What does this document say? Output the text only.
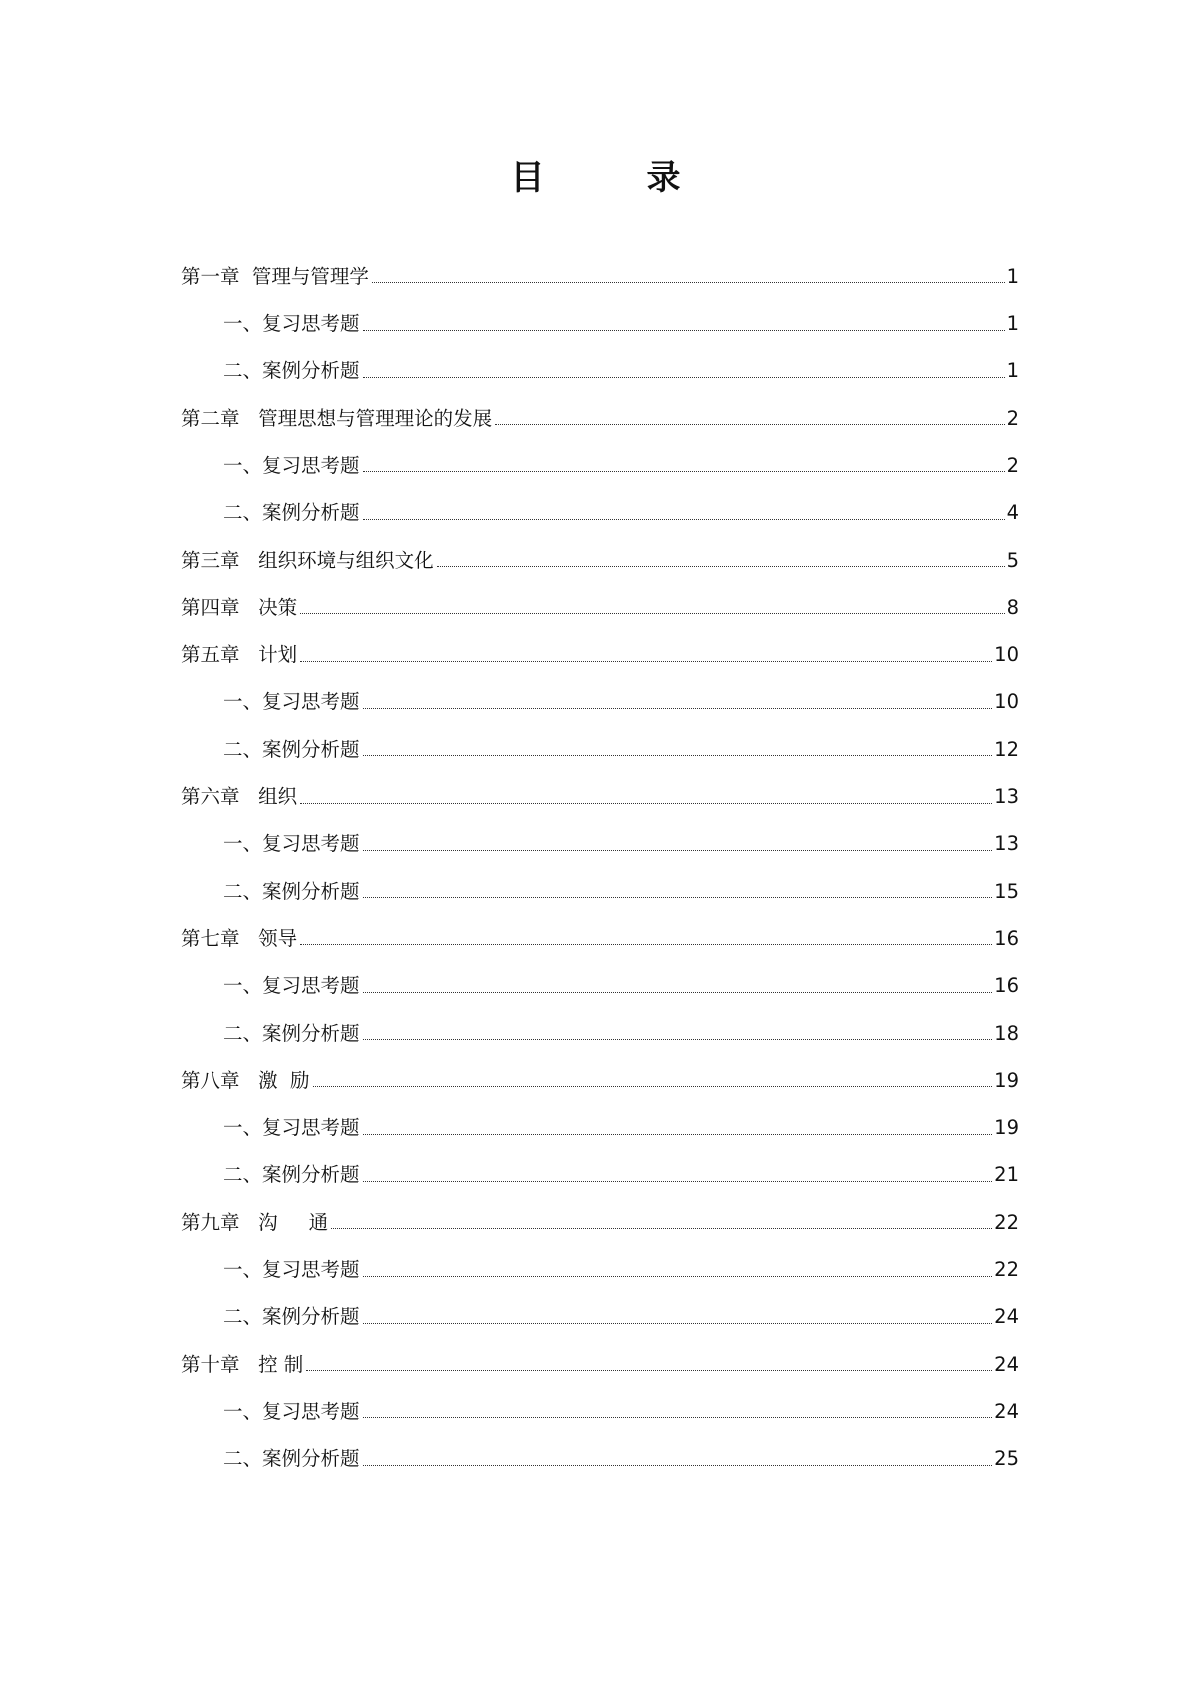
目　录
第一章  管理与管理学	1
一、复习思考题	1
二、案例分析题	1
第二章   管理思想与管理理论的发展	2
一、复习思考题	2
二、案例分析题	4
第三章   组织环境与组织文化	5
第四章   决策	8
第五章   计划	10
一、复习思考题	10
二、案例分析题	12
第六章   组织	13
一、复习思考题	13
二、案例分析题	15
第七章   领导	16
一、复习思考题	16
二、案例分析题	18
第八章   激  励	19
一、复习思考题	19
二、案例分析题	21
第九章   沟     通	22
一、复习思考题	22
二、案例分析题	24
第十章   控 制	24
一、复习思考题	24
二、案例分析题	25
